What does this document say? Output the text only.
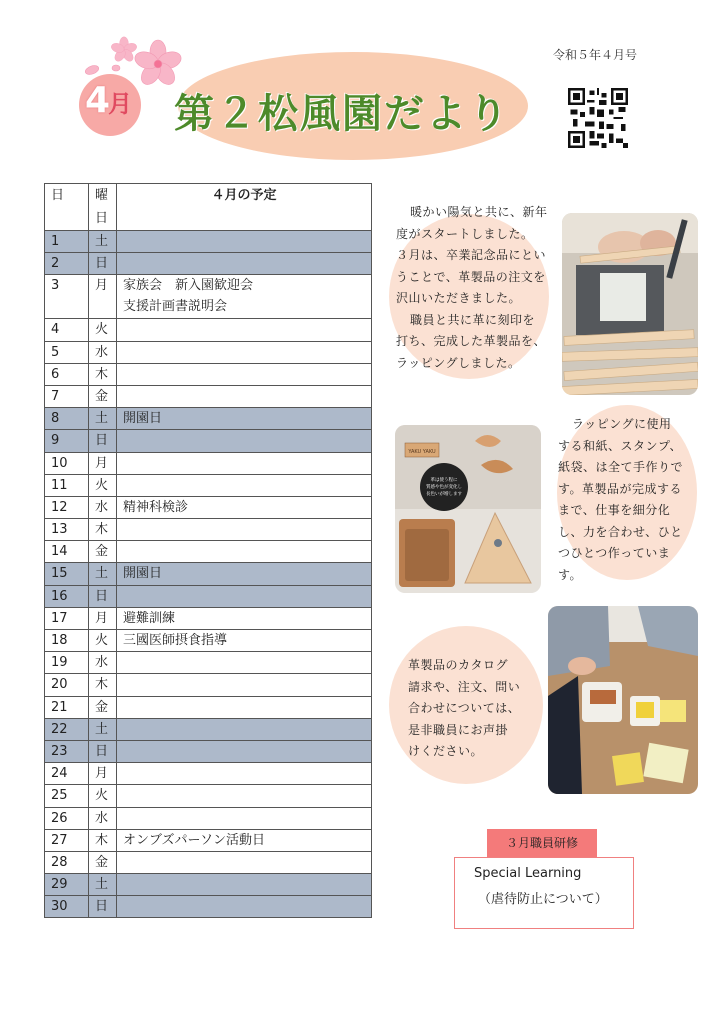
令和５年４月号
4月 第２松風園だより
日	曜日	４月の予定
1	土	
2	日	
3	月	家族会　新入園歓迎会
支援計画書説明会

4	火	
5	水	
6	木	
7	金	
8	土	開園日
9	日	
10	月	
11	火	
12	水	精神科検診
13	木	
14	金	
15	土	開園日
16	日	
17	月	避難訓練
18	火	三國医師摂食指導
19	水	
20	木	
21	金	
22	土	
23	日	
24	月	
25	火	
26	水	
27	木	オンブズパーソン活動日
28	金	
29	土	
30	日	
暖かい陽気と共に、新年
度がスタートしました。
３月は、卒業記念品にとい
うことで、革製品の注文を
沢山いただきました。
職員と共に革に刻印を
打ち、完成した革製品を、
ラッピングしました。
YAKU YAKU
革は使う程に
質感や色が変化し
長色いが増します
ラッピングに使用
する和紙、スタンプ、
紙袋、は全て手作りで
す。革製品が完成する
まで、仕事を細分化
し、力を合わせ、ひと
つひとつ作っていま
す。
革製品のカタログ
請求や、注文、問い
合わせについては、
是非職員にお声掛
けください。
３月職員研修
Special Learning
（虐待防止について）
